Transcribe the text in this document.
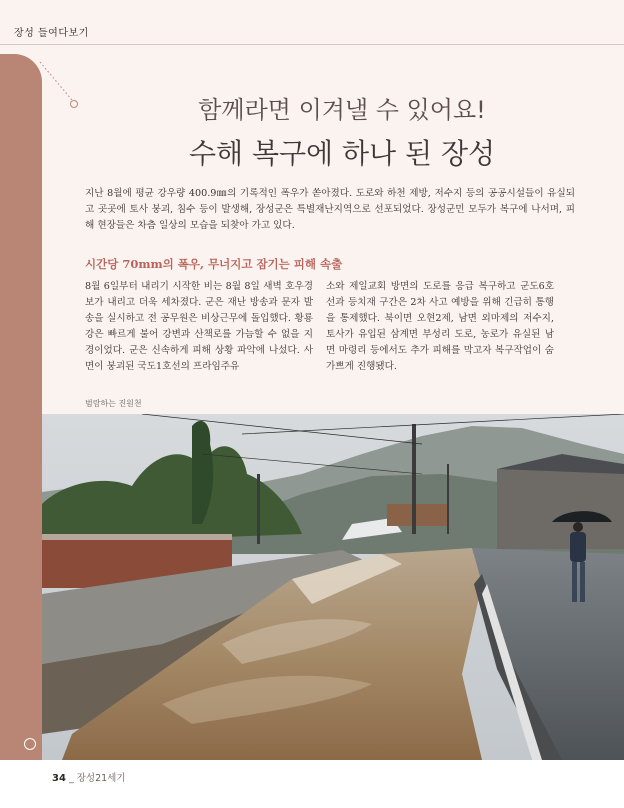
장성 들여다보기
함께라면 이겨낼 수 있어요!
수해 복구에 하나 된 장성

지난 8월에 평균 강우량 400.9㎜의 기록적인 폭우가 쏟아졌다. 도로와 하천 제방, 저수지 등의 공공시설들이 유실되고 곳곳에 토사 붕괴, 침수 등이 발생해, 장성군은 특별재난지역으로 선포되었다. 장성군민 모두가 복구에 나서며, 피해 현장들은 차츰 일상의 모습을 되찾아 가고 있다.

시간당 70mm의 폭우, 무너지고 잠기는 피해 속출

8월 6일부터 내리기 시작한 비는 8월 8일 새벽 호우경보가 내리고 더욱 세차졌다. 군은 재난 방송과 문자 발송을 실시하고 전 공무원은 비상근무에 돌입했다. 황룡강은 빠르게 불어 강변과 산책로를 가늠할 수 없을 지경이었다. 군은 신속하게 피해 상황 파악에 나섰다. 사면이 붕괴된 국도1호선의 프라임주유

소와 제일교회 방면의 도로를 응급 복구하고 군도6호선과 등치재 구간은 2차 사고 예방을 위해 긴급히 통행을 통제했다. 북이면 오현2제, 남면 외마제의 저수지, 토사가 유입된 삼계면 부성리 도로, 농로가 유실된 남면 마령리 등에서도 추가 피해를 막고자 복구작업이 숨 가쁘게 진행됐다.

범람하는 진원천
34 _ 장성21세기
